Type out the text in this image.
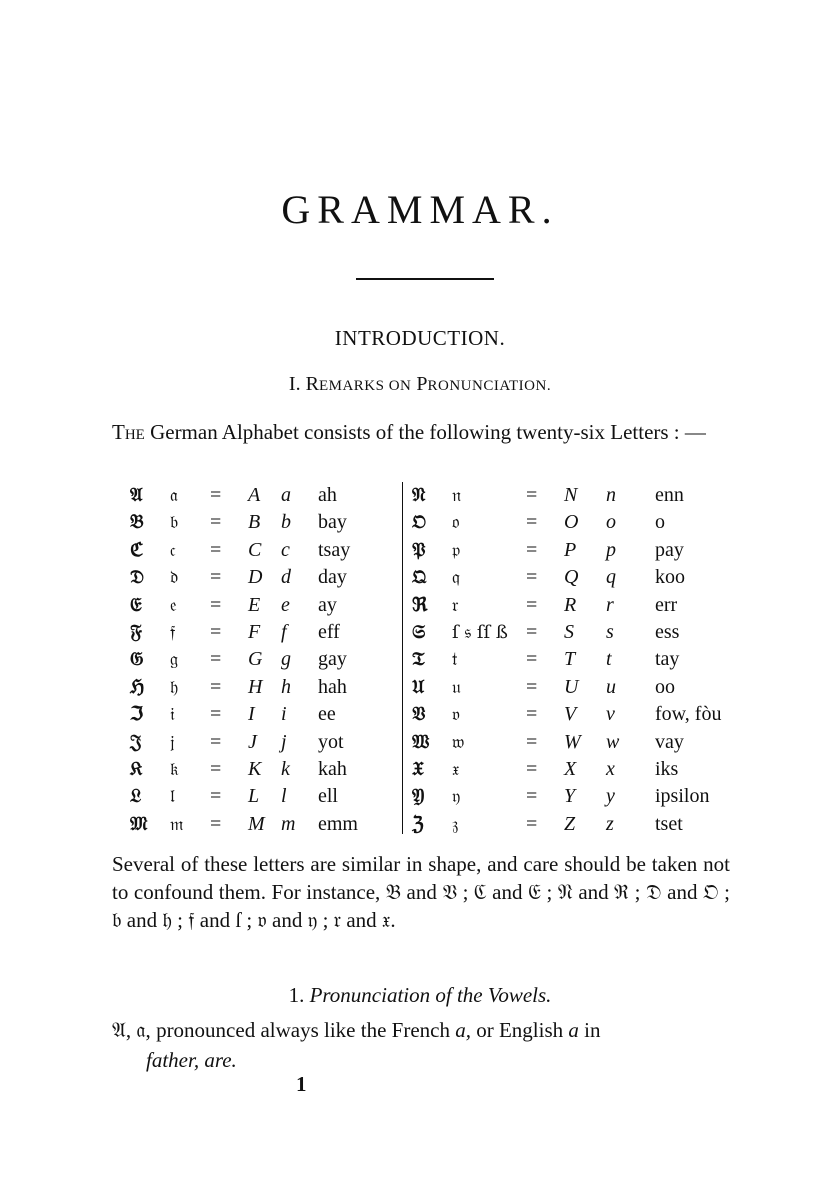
GRAMMAR.
INTRODUCTION.
I. REMARKS ON PRONUNCIATION.
The German Alphabet consists of the following twenty-six Letters : —
𝔄 𝔞 = A a ah
𝔅 𝔟 = B b bay
ℭ 𝔠 = C c tsay
𝔇 𝔡 = D d day
𝔈 𝔢 = E e ay
𝔉 𝔣 = F f eff
𝔊 𝔤 = G g gay
ℌ 𝔥 = H h hah
ℑ 𝔦 = I i ee
𝔍 𝔧 = J j yot
𝔎 𝔨 = K k kah
𝔏 𝔩 = L l ell
𝔐 𝔪 = M m emm
𝔑 𝔫	= N n enn
𝔒 𝔬	= O o o
𝔓 𝔭	= P p pay
𝔔 𝔮	= Q q koo
ℜ 𝔯	= R r err
𝔖 ſ 𝔰 ſſ ß = S s ess
𝔗 𝔱	= T t tay
𝔘 𝔲	= U u oo
𝔙 𝔳	= V v fow, fòu
𝔚 𝔴	= W w vay
𝔛 𝔵	= X x iks
𝔜 𝔶	= Y y ipsilon
ℨ 𝔷	= Z z tset
Several of these letters are similar in shape, and care should be taken not to confound them. For instance, 𝔅 and 𝔙 ; ℭ and 𝔈 ; 𝔑 and ℜ ; 𝔇 and 𝔒 ; 𝔟 and 𝔥 ; 𝔣 and ſ ; 𝔳 and 𝔶 ; 𝔯 and 𝔵.
1. Pronunciation of the Vowels.
𝔄, 𝔞, pronounced always like the French a, or English a in
father, are.
1
